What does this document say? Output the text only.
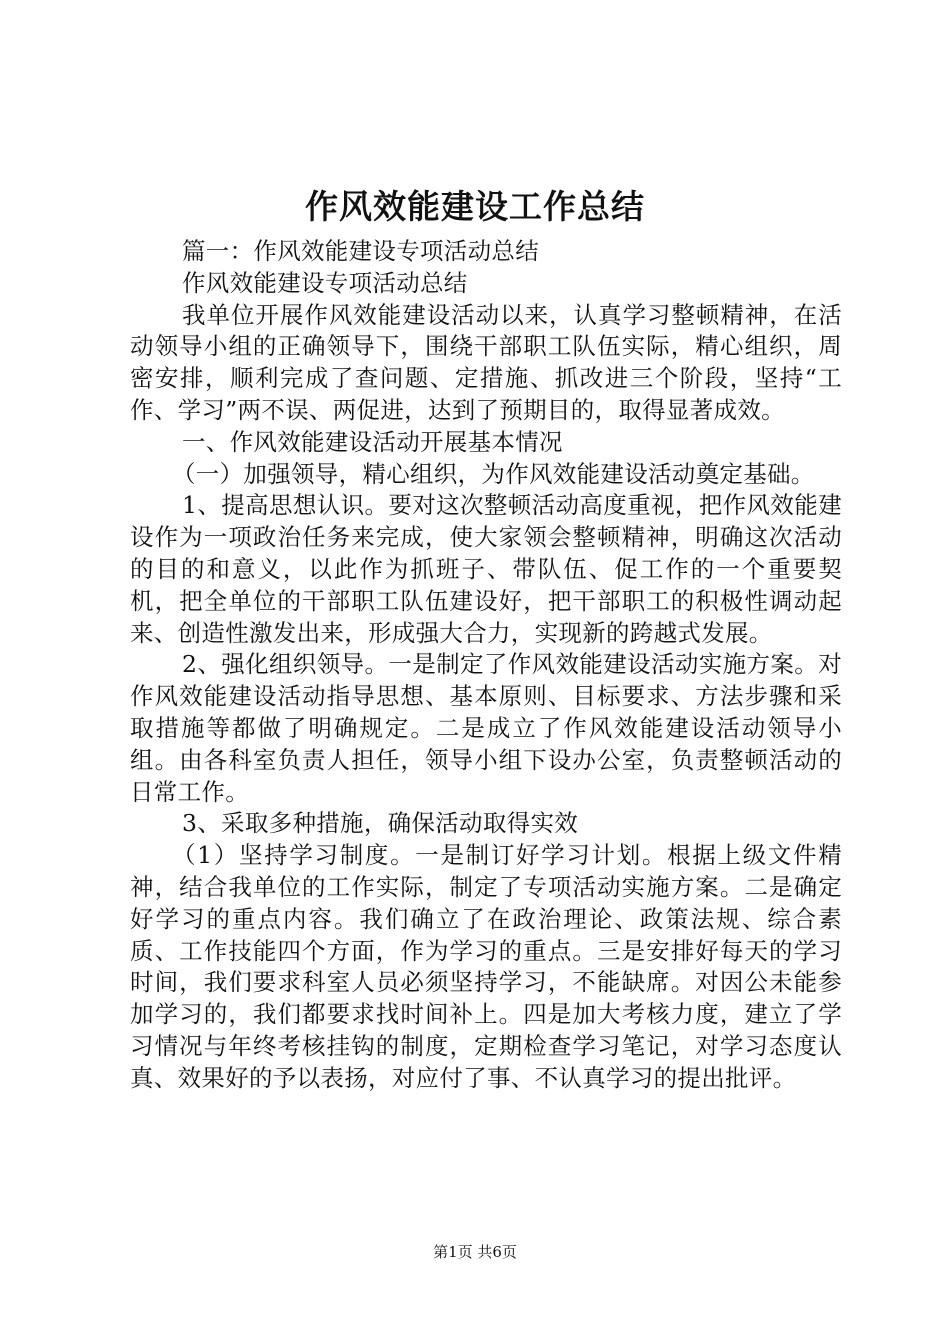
作风效能建设工作总结

篇一：作风效能建设专项活动总结

作风效能建设专项活动总结

我单位开展作风效能建设活动以来，认真学习整顿精神，在活动领导小组的正确领导下，围绕干部职工队伍实际，精心组织，周密安排，顺利完成了查问题、定措施、抓改进三个阶段，坚持“工作、学习”两不误、两促进，达到了预期目的，取得显著成效。

一、作风效能建设活动开展基本情况

（一）加强领导，精心组织，为作风效能建设活动奠定基础。

1、提高思想认识。要对这次整顿活动高度重视，把作风效能建设作为一项政治任务来完成，使大家领会整顿精神，明确这次活动的目的和意义，以此作为抓班子、带队伍、促工作的一个重要契机，把全单位的干部职工队伍建设好，把干部职工的积极性调动起来、创造性激发出来，形成强大合力，实现新的跨越式发展。

2、强化组织领导。一是制定了作风效能建设活动实施方案。对作风效能建设活动指导思想、基本原则、目标要求、方法步骤和采取措施等都做了明确规定。二是成立了作风效能建设活动领导小组。由各科室负责人担任，领导小组下设办公室，负责整顿活动的日常工作。

3、采取多种措施，确保活动取得实效

（1）坚持学习制度。一是制订好学习计划。根据上级文件精神，结合我单位的工作实际，制定了专项活动实施方案。二是确定好学习的重点内容。我们确立了在政治理论、政策法规、综合素质、工作技能四个方面，作为学习的重点。三是安排好每天的学习时间，我们要求科室人员必须坚持学习，不能缺席。对因公未能参加学习的，我们都要求找时间补上。四是加大考核力度，建立了学习情况与年终考核挂钩的制度，定期检查学习笔记，对学习态度认真、效果好的予以表扬，对应付了事、不认真学习的提出批评。

第1页 共6页
